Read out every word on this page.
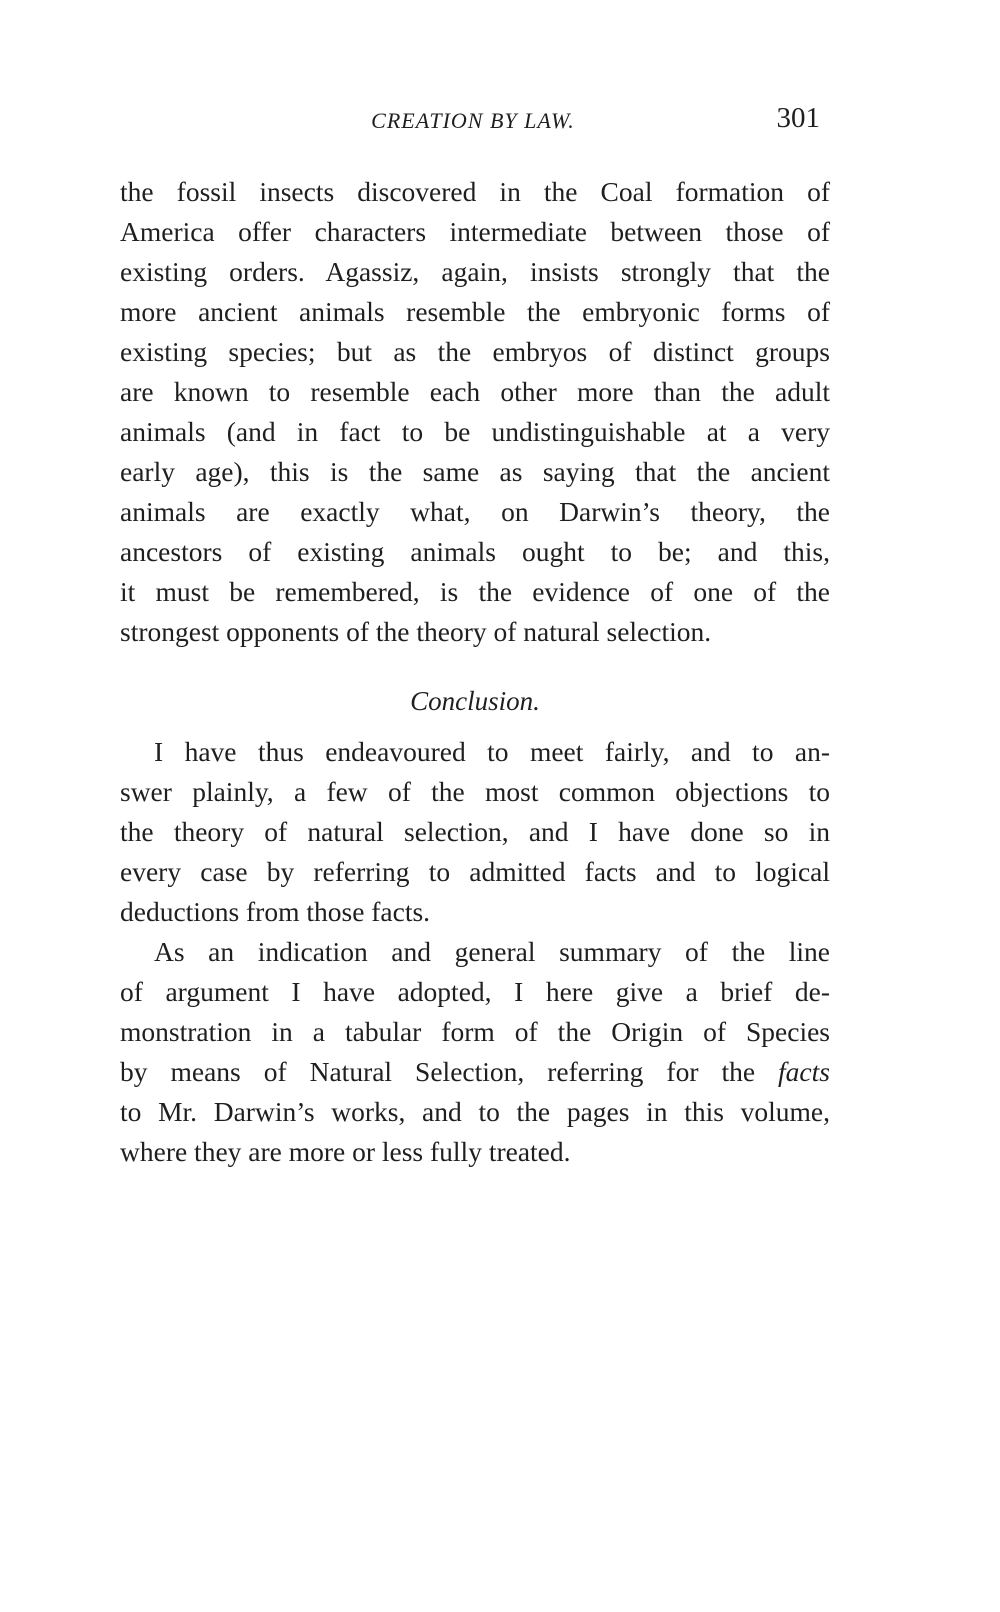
CREATION BY LAW.	301
the fossil insects discovered in the Coal formation of
America offer characters intermediate between those of
existing orders. Agassiz, again, insists strongly that the
more ancient animals resemble the embryonic forms of
existing species; but as the embryos of distinct groups
are known to resemble each other more than the adult
animals (and in fact to be undistinguishable at a very
early age), this is the same as saying that the ancient
animals are exactly what, on Darwin’s theory, the
ancestors of existing animals ought to be; and this,
it must be remembered, is the evidence of one of the
strongest opponents of the theory of natural selection.
Conclusion.
I have thus endeavoured to meet fairly, and to an-
swer plainly, a few of the most common objections to
the theory of natural selection, and I have done so in
every case by referring to admitted facts and to logical
deductions from those facts.
As an indication and general summary of the line
of argument I have adopted, I here give a brief de-
monstration in a tabular form of the Origin of Species
by means of Natural Selection, referring for the facts
to Mr. Darwin’s works, and to the pages in this volume,
where they are more or less fully treated.
